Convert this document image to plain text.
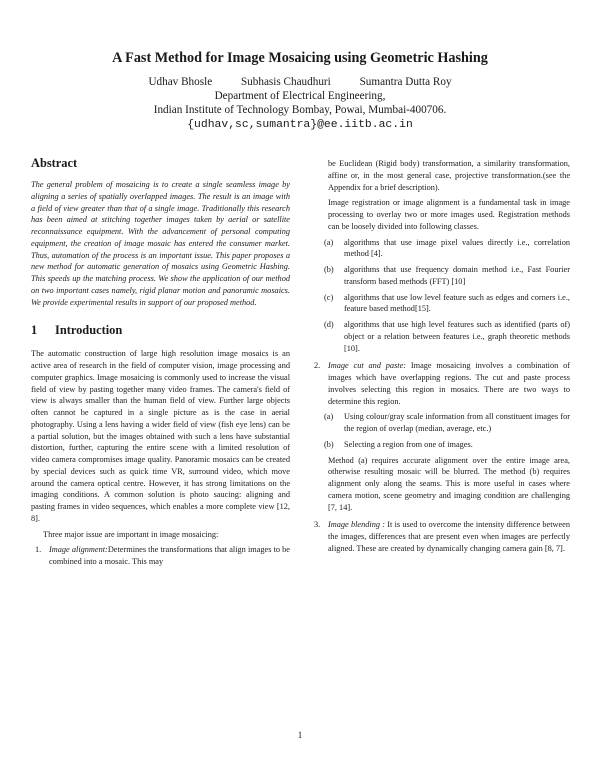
A Fast Method for Image Mosaicing using Geometric Hashing
Udhav Bhosle	Subhasis Chaudhuri	Sumantra Dutta Roy
Department of Electrical Engineering,
Indian Institute of Technology Bombay, Powai, Mumbai-400706.
{udhav,sc,sumantra}@ee.iitb.ac.in
Abstract

The general problem of mosaicing is to create a single seamless image by aligning a series of spatially overlapped images. The result is an image with a field of view greater than that of a single image. Traditionally this research has been aimed at stitching together images taken by aerial or satellite reconnaissance equipment. With the advancement of personal computing equipment, the creation of image mosaic has entered the consumer market. Thus, automation of the process is an important issue. This paper proposes a new method for automatic generation of mosaics using Geometric Hashing. This speeds up the matching process. We show the application of our method on two important cases namely, rigid planar motion and panoramic mosaics. We provide experimental results in support of our proposed method.

1 Introduction

The automatic construction of large high resolution image mosaics is an active area of research in the field of computer vision, image processing and computer graphics. Image mosaicing is commonly used to increase the visual field of view by pasting together many video frames. The camera's field of view is always smaller than the human field of view. Further large objects often cannot be captured in a single picture as is the case in aerial photography. Using a lens having a wider field of view (fish eye lens) can be a partial solution, but the images obtained with such a lens have substantial distortion, further, capturing the entire scene with a limited resolution of video camera compromises image quality. Panoramic mosaics can be created by special devices such as quick time VR, surround video, which move around the camera optical centre. However, it has strong limitations on the imaging conditions. A common solution is photo saucing: aligning and pasting frames in video sequences, which enables a more complete view [12, 8].

Three major issue are important in image mosaicing:

1. Image alignment:Determines the transformations that align images to be combined into a mosaic. This may

be Euclidean (Rigid body) transformation, a similarity transformation, affine or, in the most general case, projective transformation.(see the Appendix for a brief description).

Image registration or image alignment is a fundamental task in image processing to overlay two or more images used. Registration methods can be loosely divided into following classes.

(a) algorithms that use image pixel values directly i.e., correlation method [4].
(b) algorithms that use frequency domain method i.e., Fast Fourier transform based methods (FFT) [10]
(c) algorithms that use low level feature such as edges and corners i.e., feature based method[15].
(d) algorithms that use high level features such as identified (parts of) object or a relation between features i.e., graph theoretic methods [10].
2. Image cut and paste: Image mosaicing involves a combination of images which have overlapping regions. The cut and paste process involves selecting this region in mosaics. There are two ways to determine this region.
(a) Using colour/gray scale information from all constituent images for the region of overlap (median, average, etc.)
(b) Selecting a region from one of images.

Method (a) requires accurate alignment over the entire image area, otherwise resulting mosaic will be blurred. The method (b) requires alignment only along the seams. This is more useful in cases where camera motion, scene geometry and imaging condition are challenging [7, 14].

3. Image blending : It is used to overcome the intensity difference between the images, differences that are present even when images are perfectly aligned. These are created by dynamically changing camera gain [8, 7].
1
